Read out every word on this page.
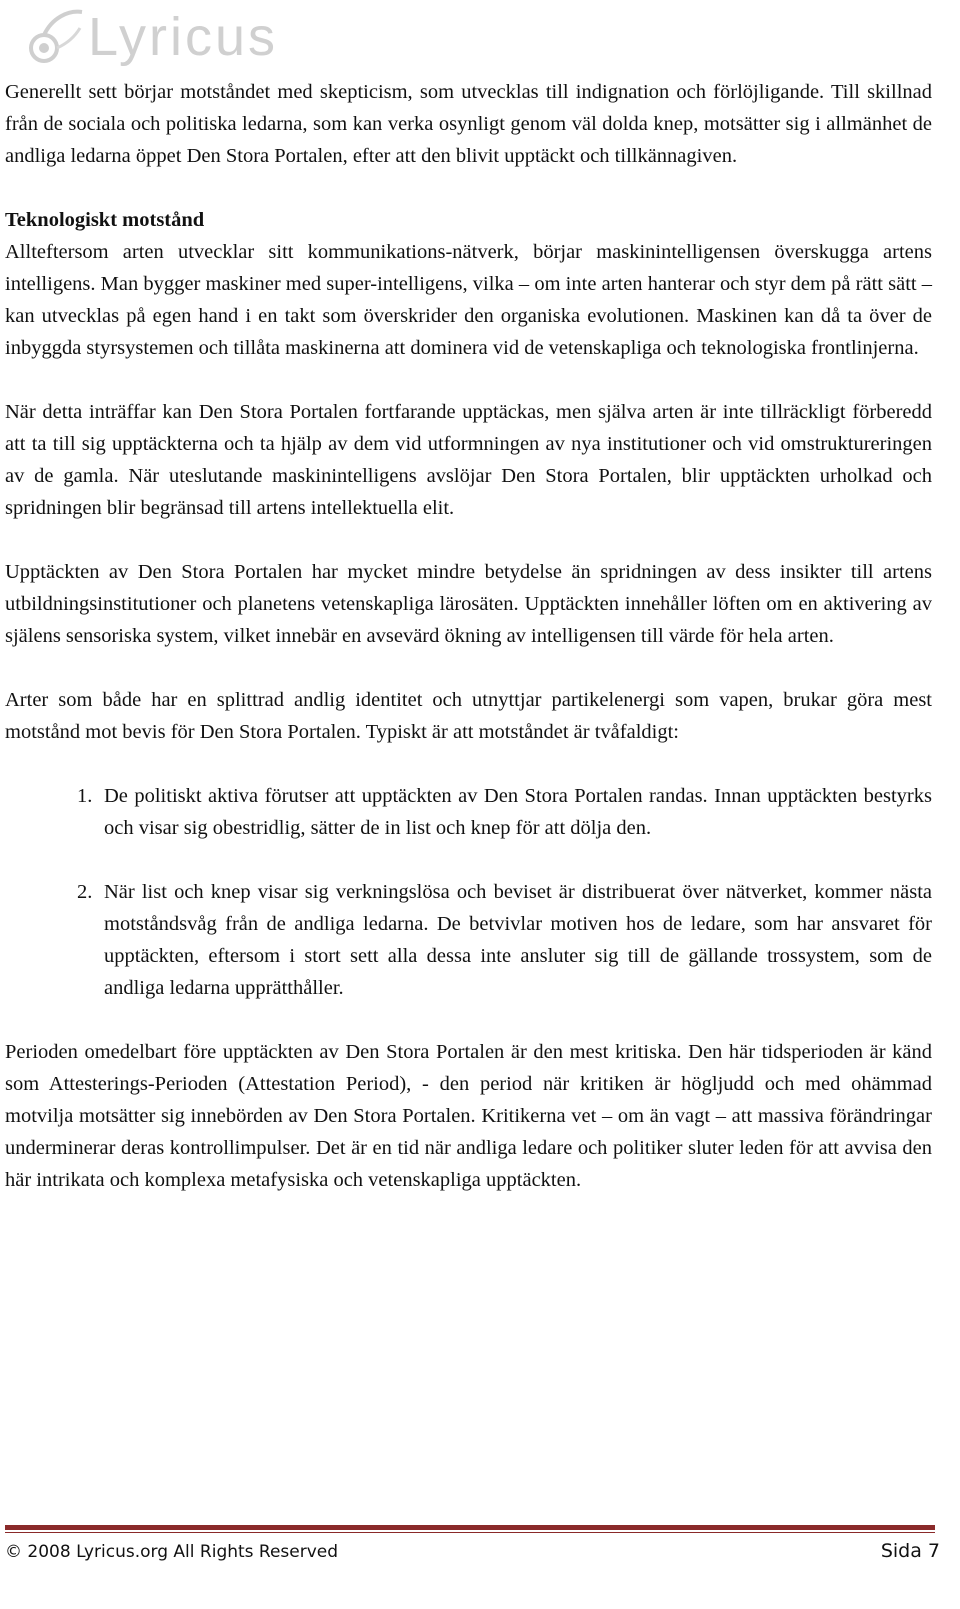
Lyricus

Generellt sett börjar motståndet med skepticism, som utvecklas till indignation och förlöjligande. Till skillnad från de sociala och politiska ledarna, som kan verka osynligt genom väl dolda knep, motsätter sig i allmänhet de andliga ledarna öppet Den Stora Portalen, efter att den blivit upptäckt och tillkännagiven.

Teknologiskt motstånd

Allteftersom arten utvecklar sitt kommunikations-nätverk, börjar maskinintelligensen överskugga artens intelligens. Man bygger maskiner med super-intelligens, vilka – om inte arten hanterar och styr dem på rätt sätt – kan utvecklas på egen hand i en takt som överskrider den organiska evolutionen. Maskinen kan då ta över de inbyggda styrsystemen och tillåta maskinerna att dominera vid de vetenskapliga och teknologiska frontlinjerna.

När detta inträffar kan Den Stora Portalen fortfarande upptäckas, men själva arten är inte tillräckligt förberedd att ta till sig upptäckterna och ta hjälp av dem vid utformningen av nya institutioner och vid omstruktureringen av de gamla. När uteslutande maskinintelligens avslöjar Den Stora Portalen, blir upptäckten urholkad och spridningen blir begränsad till artens intellektuella elit.

Upptäckten av Den Stora Portalen har mycket mindre betydelse än spridningen av dess insikter till artens utbildningsinstitutioner och planetens vetenskapliga lärosäten. Upptäckten innehåller löften om en aktivering av själens sensoriska system, vilket innebär en avsevärd ökning av intelligensen till värde för hela arten.

Arter som både har en splittrad andlig identitet och utnyttjar partikelenergi som vapen, brukar göra mest motstånd mot bevis för Den Stora Portalen. Typiskt är att motståndet är tvåfaldigt:

1. De politiskt aktiva förutser att upptäckten av Den Stora Portalen randas. Innan upptäckten bestyrks och visar sig obestridlig, sätter de in list och knep för att dölja den.
2. När list och knep visar sig verkningslösa och beviset är distribuerat över nätverket, kommer nästa motståndsvåg från de andliga ledarna. De betvivlar motiven hos de ledare, som har ansvaret för upptäckten, eftersom i stort sett alla dessa inte ansluter sig till de gällande trossystem, som de andliga ledarna upprätthåller.

Perioden omedelbart före upptäckten av Den Stora Portalen är den mest kritiska. Den här tidsperioden är känd som Attesterings-Perioden (Attestation Period), - den period när kritiken är högljudd och med ohämmad motvilja motsätter sig innebörden av Den Stora Portalen. Kritikerna vet – om än vagt – att massiva förändringar underminerar deras kontrollimpulser. Det är en tid när andliga ledare och politiker sluter leden för att avvisa den här intrikata och komplexa metafysiska och vetenskapliga upptäckten.

© 2008 Lyricus.org All Rights Reserved	Sida 7
